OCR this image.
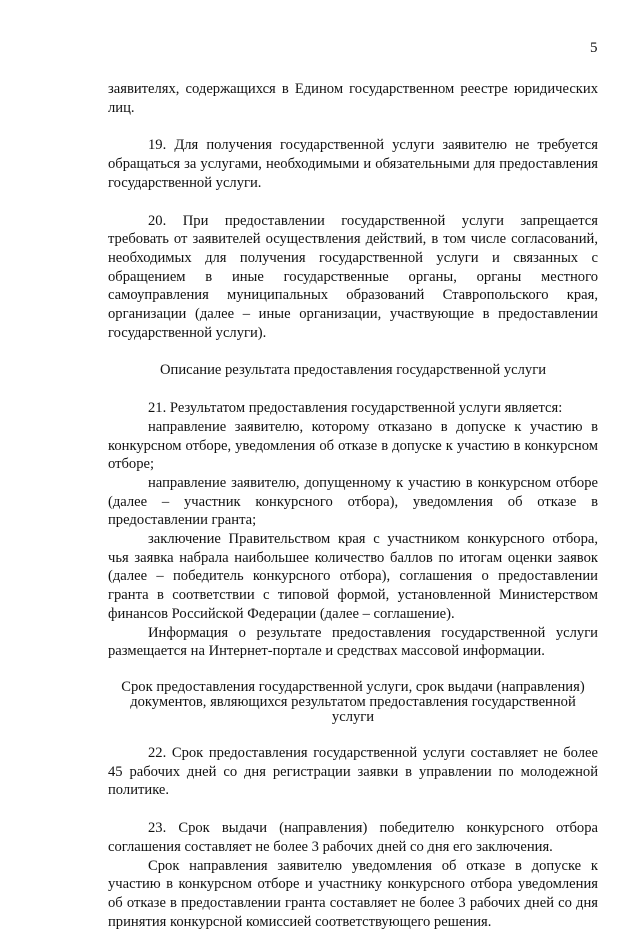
5

заявителях, содержащихся в Едином государственном реестре юридических лиц.

19. Для получения государственной услуги заявителю не требуется обращаться за услугами, необходимыми и обязательными для предоставления государственной услуги.

20. При предоставлении государственной услуги запрещается требовать от заявителей осуществления действий, в том числе согласований, необходимых для получения государственной услуги и связанных с обращением в иные государственные органы, органы местного самоуправления муниципальных образований Ставропольского края, организации (далее – иные организации, участвующие в предоставлении государственной услуги).

Описание результата предоставления государственной услуги

21. Результатом предоставления государственной услуги является:

направление заявителю, которому отказано в допуске к участию в конкурсном отборе, уведомления об отказе в допуске к участию в конкурсном отборе;

направление заявителю, допущенному к участию в конкурсном отборе (далее – участник конкурсного отбора), уведомления об отказе в предоставлении гранта;

заключение Правительством края с участником конкурсного отбора, чья заявка набрала наибольшее количество баллов по итогам оценки заявок (далее – победитель конкурсного отбора), соглашения о предоставлении гранта в соответствии с типовой формой, установленной Министерством финансов Российской Федерации (далее – соглашение).

Информация о результате предоставления государственной услуги размещается на Интернет-портале и средствах массовой информации.

Срок предоставления государственной услуги, срок выдачи (направления) документов, являющихся результатом предоставления государственной услуги

22. Срок предоставления государственной услуги составляет не более 45 рабочих дней со дня регистрации заявки в управлении по молодежной политике.

23. Срок выдачи (направления) победителю конкурсного отбора соглашения составляет не более 3 рабочих дней со дня его заключения.

Срок направления заявителю уведомления об отказе в допуске к участию в конкурсном отборе и участнику конкурсного отбора уведомления об отказе в предоставлении гранта составляет не более 3 рабочих дней со дня принятия конкурсной комиссией соответствующего решения.
